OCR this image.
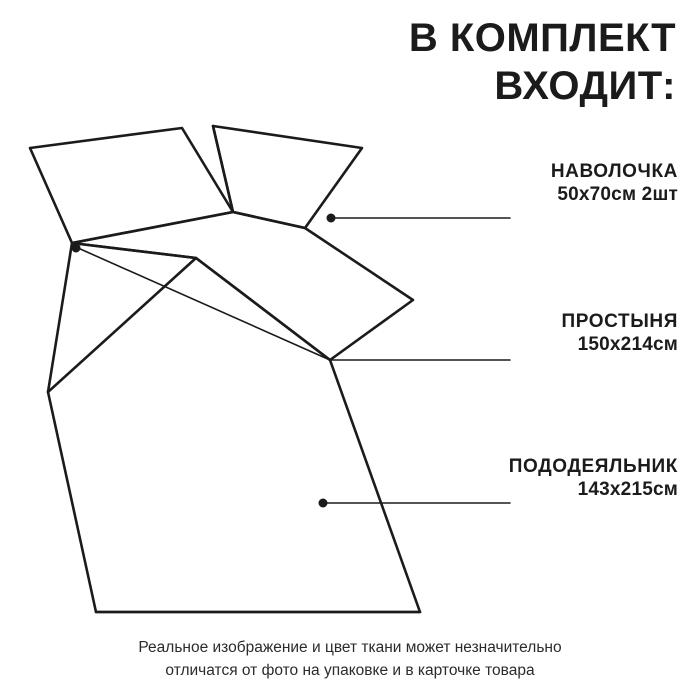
В КОМПЛЕКТ
ВХОДИТ:
НАВОЛОЧКА
50х70см 2шт
ПРОСТЫНЯ
150х214см
ПОДОДЕЯЛЬНИК
143х215см
Реальное изображение и цвет ткани может незначительно
отличатся от фото на упаковке и в карточке товара
